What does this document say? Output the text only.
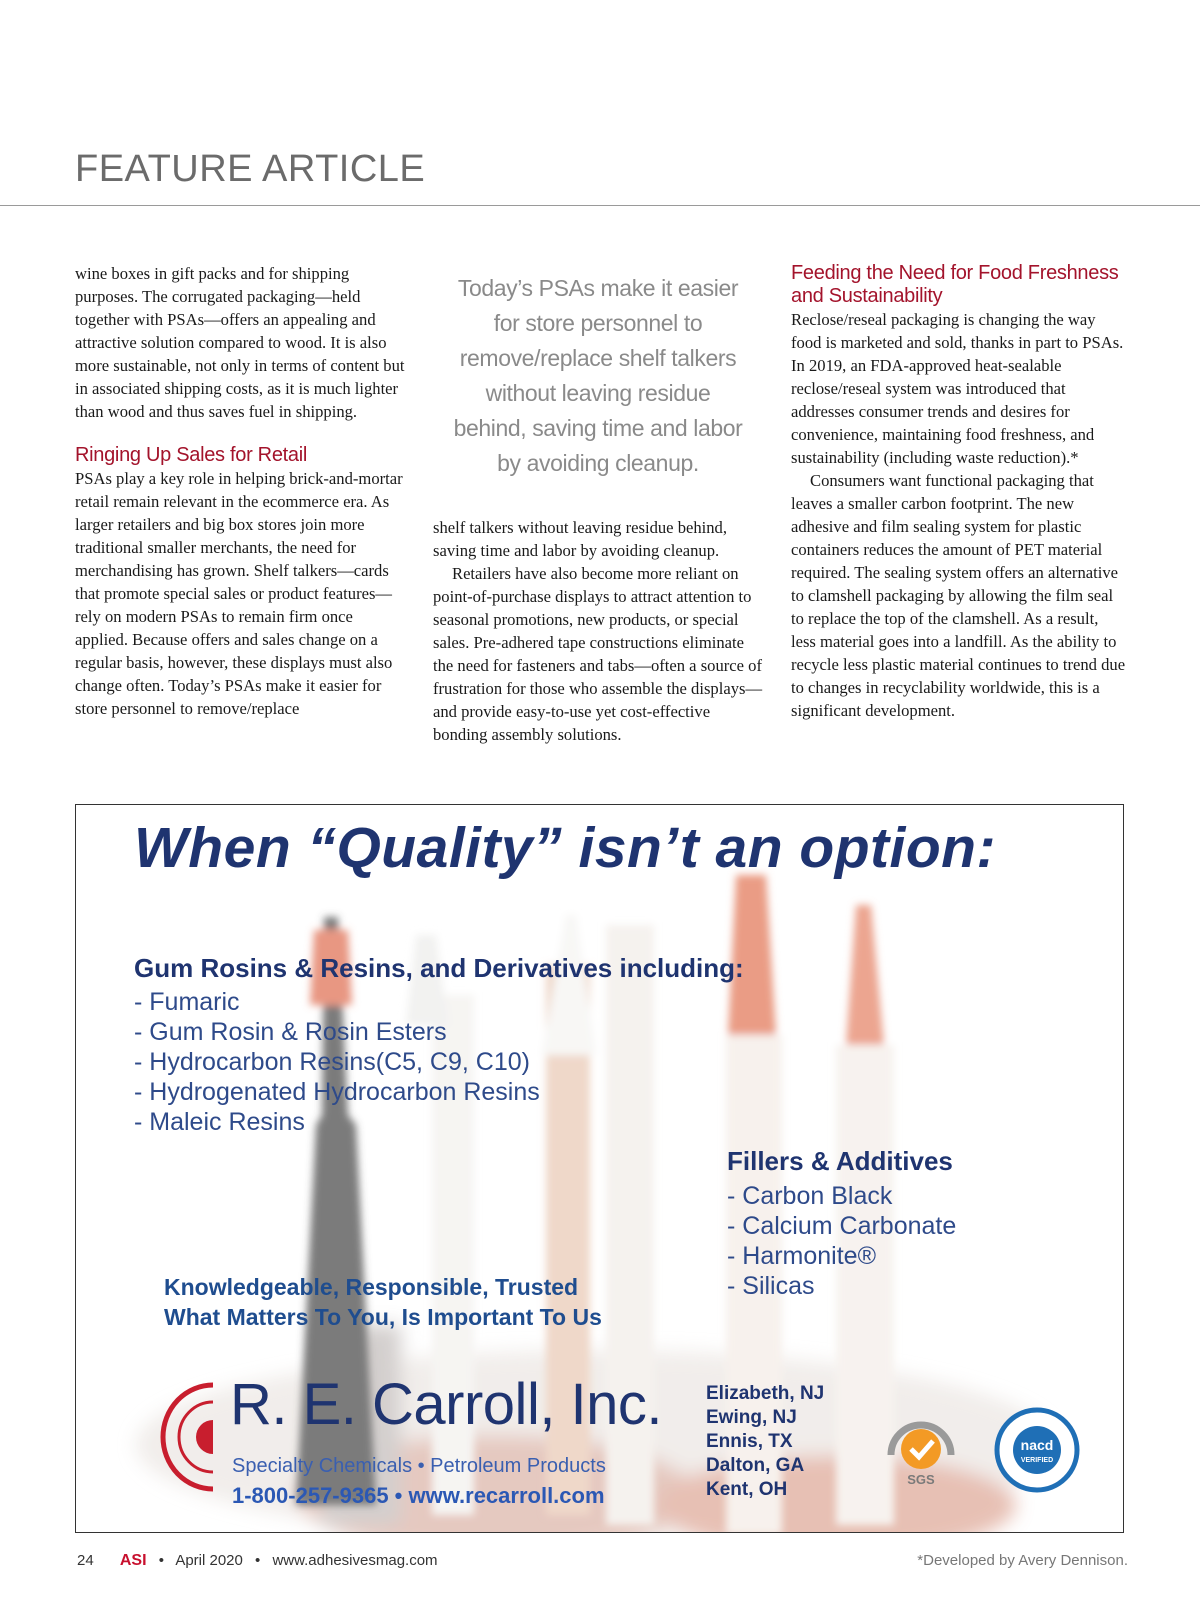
FEATURE ARTICLE

wine boxes in gift packs and for shipping purposes. The corrugated packaging—held together with PSAs—offers an appealing and attractive solution compared to wood. It is also more sustainable, not only in terms of content but in associated shipping costs, as it is much lighter than wood and thus saves fuel in shipping.

Ringing Up Sales for Retail

PSAs play a key role in helping brick-and-mortar retail remain relevant in the ecommerce era. As larger retailers and big box stores join more traditional smaller merchants, the need for merchandising has grown. Shelf talkers—cards that promote special sales or product features—rely on modern PSAs to remain firm once applied. Because offers and sales change on a regular basis, however, these displays must also change often. Today’s PSAs make it easier for store personnel to remove/replace

Today’s PSAs make it easier for store personnel to remove/replace shelf talkers without leaving residue behind, saving time and labor by avoiding cleanup.

shelf talkers without leaving residue behind, saving time and labor by avoiding cleanup.

Retailers have also become more reliant on point-of-purchase displays to attract attention to seasonal promotions, new products, or special sales. Pre-adhered tape constructions eliminate the need for fasteners and tabs—often a source of frustration for those who assemble the displays—and provide easy-to-use yet cost-effective bonding assembly solutions.

Feeding the Need for Food Freshness and Sustainability

Reclose/reseal packaging is changing the way food is marketed and sold, thanks in part to PSAs. In 2019, an FDA-approved heat-sealable reclose/reseal system was introduced that addresses consumer trends and desires for convenience, maintaining food freshness, and sustainability (including waste reduction).*

Consumers want functional packaging that leaves a smaller carbon footprint. The new adhesive and film sealing system for plastic containers reduces the amount of PET material required. The sealing system offers an alternative to clamshell packaging by allowing the film seal to replace the top of the clamshell. As a result, less material goes into a landfill. As the ability to recycle less plastic material continues to trend due to changes in recyclability worldwide, this is a significant development.

When “Quality” isn’t an option:
Gum Rosins & Resins, and Derivatives including:
- Fumaric
- Gum Rosin & Rosin Esters
- Hydrocarbon Resins(C5, C9, C10)
- Hydrogenated Hydrocarbon Resins
- Maleic Resins
Fillers & Additives
- Carbon Black
- Calcium Carbonate
- Harmonite®
- Silicas
Knowledgeable, Responsible, Trusted
What Matters To You, Is Important To Us
R. E. Carroll, Inc.
Specialty Chemicals • Petroleum Products
1-800-257-9365 • www.recarroll.com
Elizabeth, NJ
Ewing, NJ
Ennis, TX
Dalton, GA
Kent, OH	SGS
nacd
VERIFIED
24 ASI • April 2020 • www.adhesivesmag.com	*Developed by Avery Dennison.
